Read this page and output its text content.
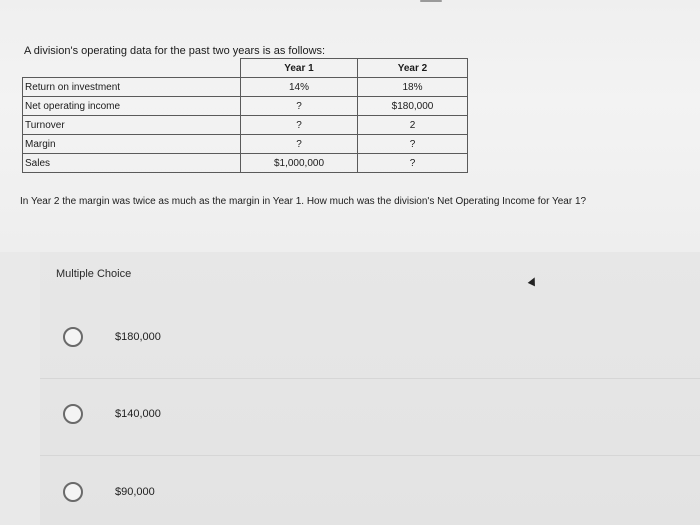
A division's operating data for the past two years is as follows:
	Year 1	Year 2
Return on investment	14%	18%
Net operating income	?	$180,000
Turnover	?	2
Margin	?	?
Sales	$1,000,000	?
In Year 2 the margin was twice as much as the margin in Year 1. How much was the division's Net Operating Income for Year 1?
Multiple Choice
$180,000
$140,000
$90,000
